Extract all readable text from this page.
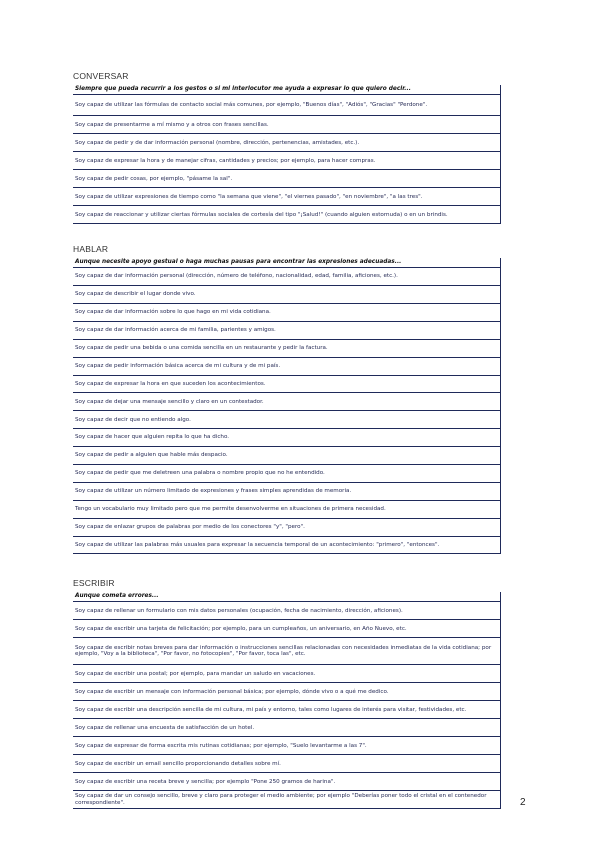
CONVERSAR
Siempre que pueda recurrir a los gestos o si mi interlocutor me ayuda a expresar lo que quiero decir...
Soy capaz de utilizar las fórmulas de contacto social más comunes, por ejemplo, "Buenos días", "Adiós", "Gracias" "Perdone".
Soy capaz de presentarme a mí mismo y a otros con frases sencillas.
Soy capaz de pedir y de dar información personal (nombre, dirección, pertenencias, amistades, etc.).
Soy capaz de expresar la hora y de manejar cifras, cantidades y precios; por ejemplo, para hacer compras.
Soy capaz de pedir cosas, por ejemplo, "pásame la sal".
Soy capaz de utilizar expresiones de tiempo como "la semana que viene", "el viernes pasado", "en noviembre", "a las tres".
Soy capaz de reaccionar y utilizar ciertas fórmulas sociales de cortesía del tipo "¡Salud!" (cuando alguien estornuda) o en un brindis.
HABLAR
Aunque necesite apoyo gestual o haga muchas pausas para encontrar las expresiones adecuadas...
Soy capaz de dar información personal (dirección, número de teléfono, nacionalidad, edad, familia, aficiones, etc.).
Soy capaz de describir el lugar donde vivo.
Soy capaz de dar información sobre lo que hago en mi vida cotidiana.
Soy capaz de dar información acerca de mi familia, parientes y amigos.
Soy capaz de pedir una bebida o una comida sencilla en un restaurante y pedir la factura.
Soy capaz de pedir información básica acerca de mi cultura y de mi país.
Soy capaz de expresar la hora en que suceden los acontecimientos.
Soy capaz de dejar una mensaje sencillo y claro en un contestador.
Soy capaz de decir que no entiendo algo.
Soy capaz de hacer que alguien repita lo que ha dicho.
Soy capaz de pedir a alguien que hable más despacio.
Soy capaz de pedir que me deletreen una palabra o nombre propio que no he entendido.
Soy capaz de utilizar un número limitado de expresiones y frases simples aprendidas de memoria.
Tengo un vocabulario muy limitado pero que me permite desenvolverme en situaciones de primera necesidad.
Soy capaz de enlazar grupos de palabras por medio de los conectores "y", "pero".
Soy capaz de utilizar las palabras más usuales para expresar la secuencia temporal de un acontecimiento: "primero", "entonces".
ESCRIBIR
Aunque cometa errores...
Soy capaz de rellenar un formulario con mis datos personales (ocupación, fecha de nacimiento, dirección, aficiones).
Soy capaz de escribir una tarjeta de felicitación; por ejemplo, para un cumpleaños, un aniversario, en Año Nuevo, etc.
Soy capaz de escribir notas breves para dar información o instrucciones sencillas relacionadas con necesidades inmediatas de la vida cotidiana; por ejemplo, "Voy a la biblioteca", "Por favor, no fotocopies", "Por favor, toca las", etc.
Soy capaz de escribir una postal; por ejemplo, para mandar un saludo en vacaciones.
Soy capaz de escribir un mensaje con información personal básica; por ejemplo, dónde vivo o a qué me dedico.
Soy capaz de escribir una descripción sencilla de mi cultura, mi país y entorno, tales como lugares de interés para visitar, festividades, etc.
Soy capaz de rellenar una encuesta de satisfacción de un hotel.
Soy capaz de expresar de forma escrita mis rutinas cotidianas; por ejemplo, "Suelo levantarme a las 7".
Soy capaz de escribir un email sencillo proporcionando detalles sobre mí.
Soy capaz de escribir una receta breve y sencilla; por ejemplo "Pone 250 gramos de harina".
Soy capaz de dar un consejo sencillo, breve y claro para proteger el medio ambiente; por ejemplo "Deberías poner todo el cristal en el contenedor correspondiente".	2
